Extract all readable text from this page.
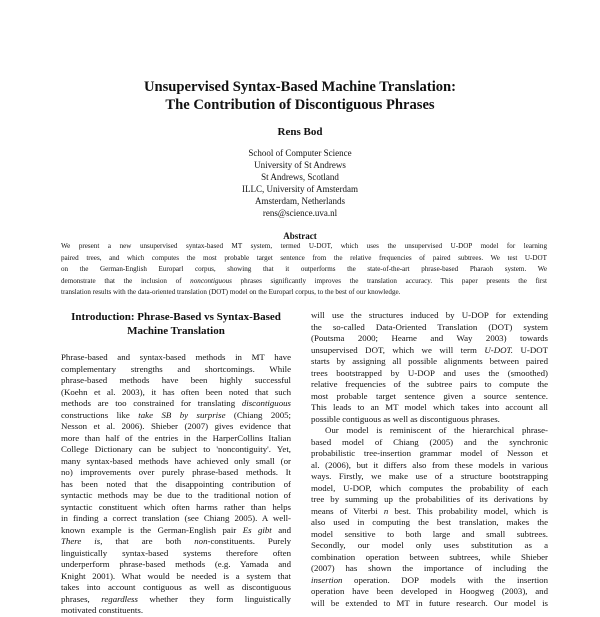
Unsupervised Syntax-Based Machine Translation:
The Contribution of Discontiguous Phrases
Rens Bod
School of Computer Science
University of St Andrews
St Andrews, Scotland
ILLC, University of Amsterdam
Amsterdam, Netherlands
rens@science.uva.nl
Abstract
We present a new unsupervised syntax-based MT system, termed U-DOT, which uses the unsupervised U-DOP model for learning
paired trees, and which computes the most probable target sentence from the relative frequencies of paired subtrees. We test U-DOT
on the German-English Europarl corpus, showing that it outperforms the state-of-the-art phrase-based Pharaoh system. We
demonstrate that the inclusion of noncontiguous phrases significantly improves the translation accuracy. This paper presents the first
translation results with the data-oriented translation (DOT) model on the Europarl corpus, to the best of our knowledge.
Introduction: Phrase-Based vs Syntax-Based
Machine Translation
Phrase-based and syntax-based methods in MT have
complementary strengths and shortcomings. While
phrase-based methods have been highly successful
(Koehn et al. 2003), it has often been noted that such
methods are too constrained for translating discontiguous
constructions like take SB by surprise (Chiang 2005;
Nesson et al. 2006). Shieber (2007) gives evidence that
more than half of the entries in the HarperCollins Italian
College Dictionary can be subject to 'noncontiguity'. Yet,
many syntax-based methods have achieved only small (or
no) improvements over purely phrase-based methods. It
has been noted that the disappointing contribution of
syntactic methods may be due to the traditional notion of
syntactic constituent which often harms rather than helps
in finding a correct translation (see Chiang 2005). A well-
known example is the German-English pair Es gibt and
There is, that are both non-constituents. Purely
linguistically syntax-based systems therefore often
underperform phrase-based methods (e.g. Yamada and
Knight 2001). What would be needed is a system that
takes into account contiguous as well as discontiguous
phrases, regardless whether they form linguistically
motivated constituents.
will use the structures induced by U-DOP for extending
the so-called Data-Oriented Translation (DOT) system
(Poutsma 2000; Hearne and Way 2003) towards
unsupervised DOT, which we will term U-DOT. U-DOT
starts by assigning all possible alignments between paired
trees bootstrapped by U-DOP and uses the (smoothed)
relative frequencies of the subtree pairs to compute the
most probable target sentence given a source sentence.
This leads to an MT model which takes into account all
possible contiguous as well as discontiguous phrases.
Our model is reminiscent of the hierarchical phrase-
based model of Chiang (2005) and the synchronic
probabilistic tree-insertion grammar model of Nesson et
al. (2006), but it differs also from these models in various
ways. Firstly, we make use of a structure bootstrapping
model, U-DOP, which computes the probability of each
tree by summing up the probabilities of its derivations by
means of Viterbi n best. This probability model, which is
also used in computing the best translation, makes the
model sensitive to both large and small subtrees.
Secondly, our model only uses substitution as a
combination operation between subtrees, while Shieber
(2007) has shown the importance of including the
insertion operation. DOP models with the insertion
operation have been developed in Hoogweg (2003), and
will be extended to MT in future research. Our model is
